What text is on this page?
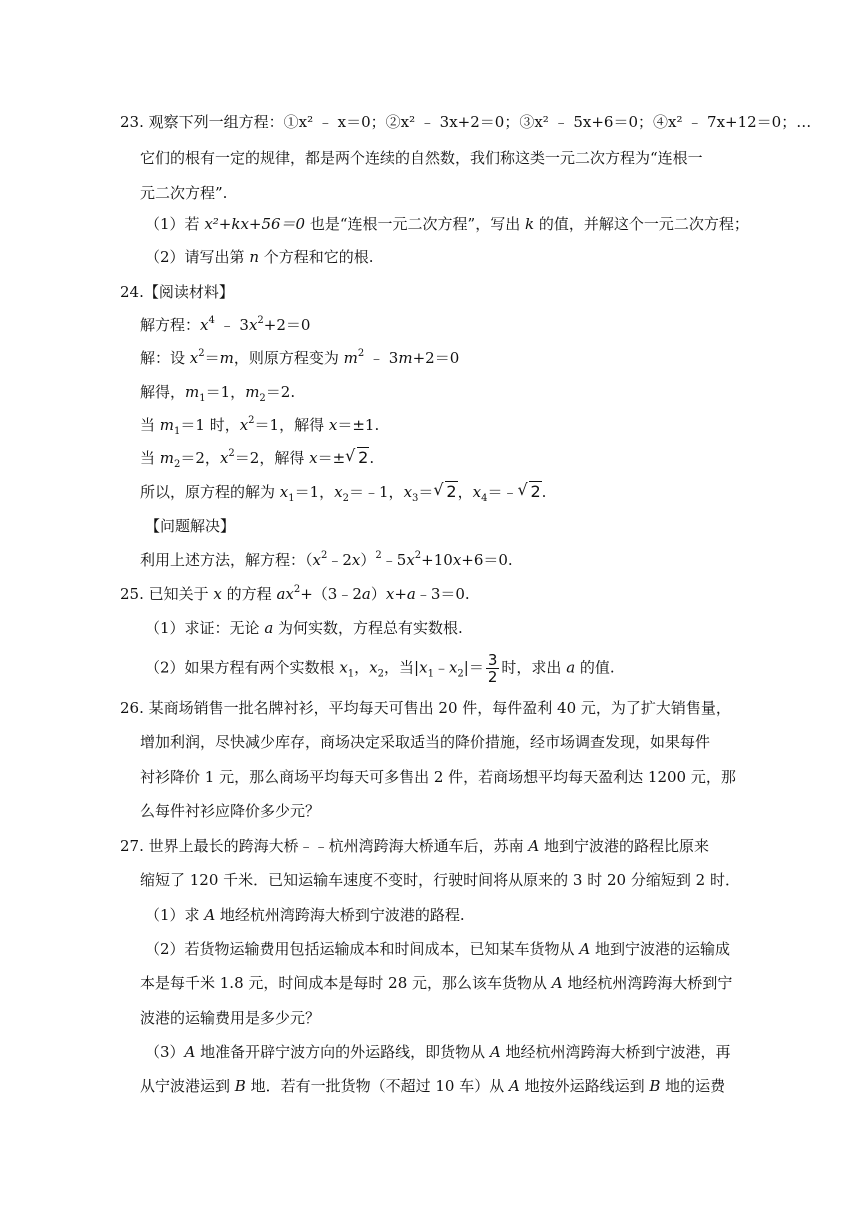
23. 观察下列一组方程：①x² ﹣ x＝0；②x² ﹣ 3x+2＝0；③x² ﹣ 5x+6＝0；④x² ﹣ 7x+12＝0；…
它们的根有一定的规律，都是两个连续的自然数，我们称这类一元二次方程为“连根一
元二次方程”.
（1）若 x²+kx+56＝0 也是“连根一元二次方程”，写出 k 的值，并解这个一元二次方程；
（2）请写出第 n 个方程和它的根.
24.【阅读材料】
解方程：$x^4$ ﹣ $3x^2+2=0$
解：设 $x^2=m$，则原方程变为 $m^2$ ﹣ 3m+2＝0
解得，$m_1=1$，$m_2=2$.
当 $m_1=1$ 时，$x^2=1$，解得 x＝±1.
当 $m_2=2$，$x^2=2$，解得 x＝± √ 2.
所以，原方程的解为 $x_1=1$，$x_2=﹣1$，$x_3=$ √ 2，$x_4=﹣$ √ 2.
【问题解决】
利用上述方法，解方程：$(x^2﹣2x)^2﹣5x^2+10x+6=0$.
25. 已知关于 x 的方程 $ax^2+(3﹣2a)x+a﹣3=0$.
（1）求证：无论 a 为何实数，方程总有实数根.
（2）如果方程有两个实数根 $x_1$，$x_2$，当$|x_1﹣x_2|= \frac{3}{2}$ 时，求出 a 的值.
26. 某商场销售一批名牌衬衫，平均每天可售出 20 件，每件盈利 40 元，为了扩大销售量，
增加利润，尽快减少库存，商场决定采取适当的降价措施，经市场调查发现，如果每件
衬衫降价 1 元，那么商场平均每天可多售出 2 件，若商场想平均每天盈利达 1200 元，那
么每件衬衫应降价多少元？
27. 世界上最长的跨海大桥﹣﹣杭州湾跨海大桥通车后，苏南 A 地到宁波港的路程比原来
缩短了 120 千米．已知运输车速度不变时，行驶时间将从原来的 3 时 20 分缩短到 2 时．
（1）求 A 地经杭州湾跨海大桥到宁波港的路程.
（2）若货物运输费用包括运输成本和时间成本，已知某车货物从 A 地到宁波港的运输成
本是每千米 1.8 元，时间成本是每时 28 元，那么该车货物从 A 地经杭州湾跨海大桥到宁
波港的运输费用是多少元？
（3）A 地准备开辟宁波方向的外运路线，即货物从 A 地经杭州湾跨海大桥到宁波港，再
从宁波港运到 B 地．若有一批货物（不超过 10 车）从 A 地按外运路线运到 B 地的运费
